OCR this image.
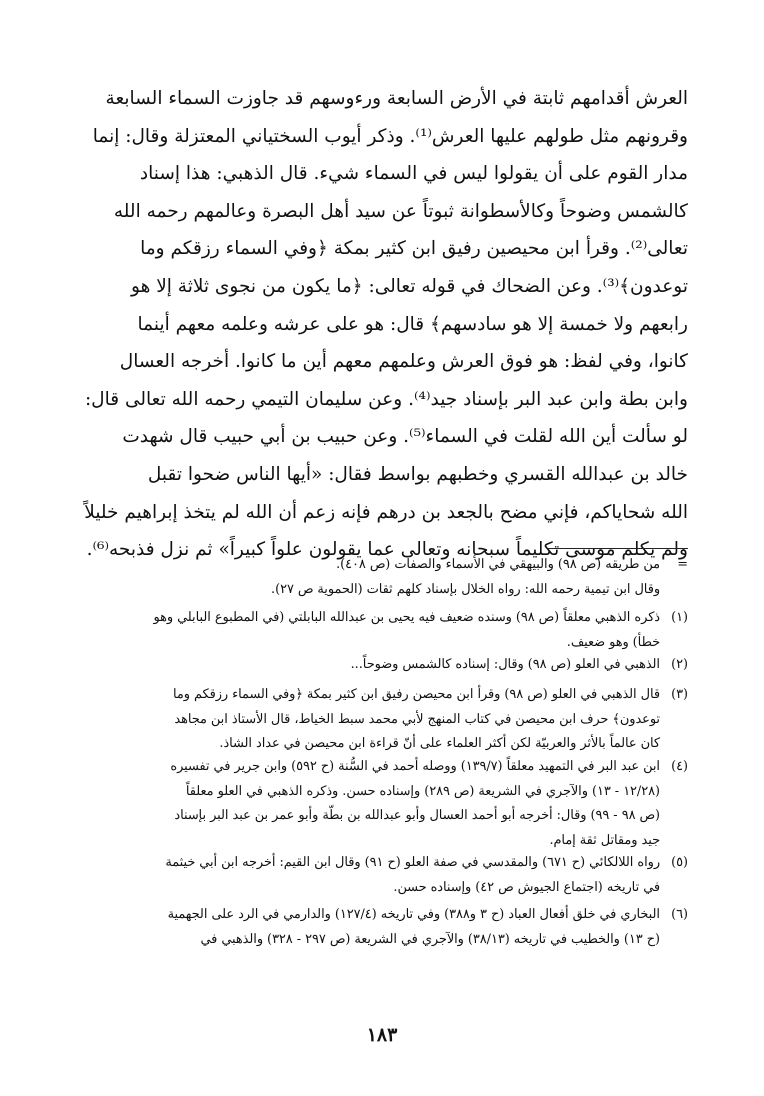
العرش أقدامهم ثابتة في الأرض السابعة ورءوسهم قد جاوزت السماء السابعة
وقرونهم مثل طولهم عليها العرش⁽¹⁾. وذكر أيوب السختياني المعتزلة وقال: إنما
مدار القوم على أن يقولوا ليس في السماء شيء. قال الذهبي: هذا إسناد
كالشمس وضوحاً وكالأسطوانة ثبوتاً عن سيد أهل البصرة وعالمهم رحمه الله
تعالى⁽²⁾. وقرأ ابن محيصين رفيق ابن كثير بمكة ﴿وفي السماء رزقكم وما
توعدون﴾⁽³⁾. وعن الضحاك في قوله تعالى: ﴿ما يكون من نجوى ثلاثة إلا هو
رابعهم ولا خمسة إلا هو سادسهم﴾ قال: هو على عرشه وعلمه معهم أينما
كانوا، وفي لفظ: هو فوق العرش وعلمهم معهم أين ما كانوا. أخرجه العسال
وابن بطة وابن عبد البر بإسناد جيد⁽⁴⁾. وعن سليمان التيمي رحمه الله تعالى قال:
لو سألت أين الله لقلت في السماء⁽⁵⁾. وعن حبيب بن أبي حبيب قال شهدت
خالد بن عبدالله القسري وخطبهم بواسط فقال: «أيها الناس ضحوا تقبل
الله شحاياكم، فإني مضح بالجعد بن درهم فإنه زعم أن الله لم يتخذ إبراهيم خليلاً
ولم يكلم موسى تكليماً سبحانه وتعالى عما يقولون علواً كبيراً» ثم نزل فذبحه⁽⁶⁾.
=
من طريقه (ص ٩٨) والبيهقي في الأسماء والصفات (ص ٤٠٨).
وقال ابن تيمية رحمه الله: رواه الخلال بإسناد كلهم ثقات (الحموية ص ٢٧).
(١)
ذكره الذهبي معلقاً (ص ٩٨) وسنده ضعيف فيه يحيى بن عبدالله البابلتي (في المطبوع البابلي وهو
خطأ) وهو ضعيف.
(٢)
الذهبي في العلو (ص ٩٨) وقال: إسناده كالشمس وضوحاً...
(٣)
قال الذهبي في العلو (ص ٩٨) وقرأ ابن محيصن رفيق ابن كثير بمكة ﴿وفي السماء رزقكم وما
توعدون﴾ حرف ابن محيصن في كتاب المنهج لأبي محمد سبط الخياط، قال الأستاذ ابن مجاهد
كان عالماً بالأثر والعربيّة لكن أكثر العلماء على أنّ قراءة ابن محيصن في عداد الشاذ.
(٤)
ابن عبد البر في التمهيد معلقاً (١٣٩/٧) ووصله أحمد في السُّنة (ح ٥٩٢) وابن جرير في تفسيره
(١٢/٢٨ - ١٣) والآجري في الشريعة (ص ٢٨٩) وإسناده حسن. وذكره الذهبي في العلو معلقاً
(ص ٩٨ - ٩٩) وقال: أخرجه أبو أحمد العسال وأبو عبدالله بن بطّة وأبو عمر بن عبد البر بإسناد
جيد ومقاتل ثقة إمام.
(٥)
رواه اللالكائي (ح ٦٧١) والمقدسي في صفة العلو (ح ٩١) وقال ابن القيم: أخرجه ابن أبي خيثمة
في تاريخه (اجتماع الجيوش ص ٤٢) وإسناده حسن.
(٦)
البخاري في خلق أفعال العباد (ح ٣ و٣٨٨) وفي تاريخه (١٢٧/٤) والدارمي في الرد على الجهمية
(ح ١٣) والخطيب في تاريخه (٣٨/١٣) والآجري في الشريعة (ص ٢٩٧ - ٣٢٨) والذهبي في
١٨٣
